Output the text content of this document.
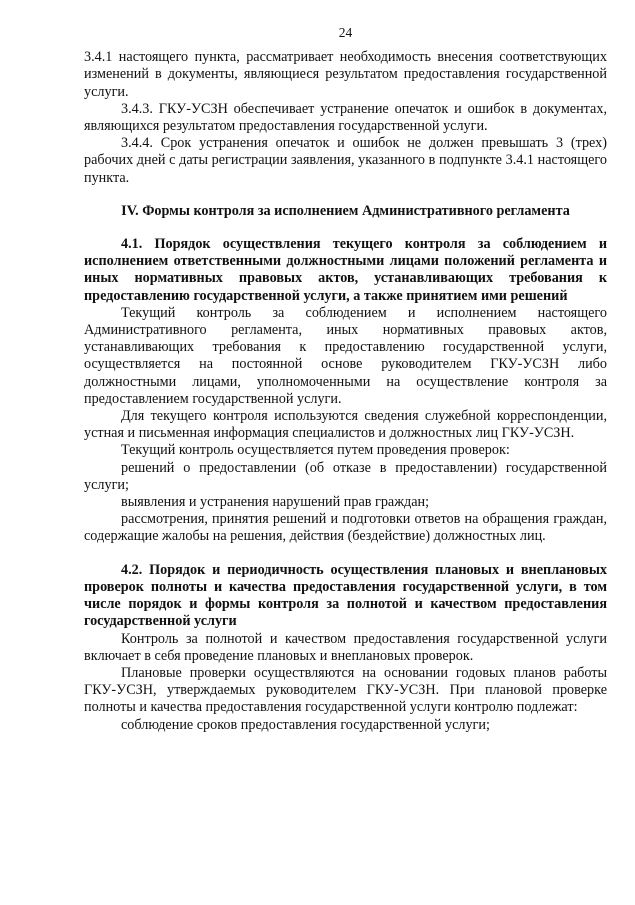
24

3.4.1 настоящего пункта, рассматривает необходимость внесения соответствующих изменений в документы, являющиеся результатом предоставления государственной услуги.

3.4.3. ГКУ-УСЗН обеспечивает устранение опечаток и ошибок в документах, являющихся результатом предоставления государственной услуги.

3.4.4. Срок устранения опечаток и ошибок не должен превышать 3 (трех) рабочих дней с даты регистрации заявления, указанного в подпункте 3.4.1 настоящего пункта.

IV. Формы контроля за исполнением Административного регламента

4.1. Порядок осуществления текущего контроля за соблюдением и исполнением ответственными должностными лицами положений регламента и иных нормативных правовых актов, устанавливающих требования к предоставлению государственной услуги, а также принятием ими решений

Текущий контроль за соблюдением и исполнением настоящего Административного регламента, иных нормативных правовых актов, устанавливающих требования к предоставлению государственной услуги, осуществляется на постоянной основе руководителем ГКУ-УСЗН либо должностными лицами, уполномоченными на осуществление контроля за предоставлением государственной услуги.

Для текущего контроля используются сведения служебной корреспонденции, устная и письменная информация специалистов и должностных лиц ГКУ-УСЗН.

Текущий контроль осуществляется путем проведения проверок:

решений о предоставлении (об отказе в предоставлении) государственной услуги;

выявления и устранения нарушений прав граждан;

рассмотрения, принятия решений и подготовки ответов на обращения граждан, содержащие жалобы на решения, действия (бездействие) должностных лиц.

4.2. Порядок и периодичность осуществления плановых и внеплановых проверок полноты и качества предоставления государственной услуги, в том числе порядок и формы контроля за полнотой и качеством предоставления государственной услуги

Контроль за полнотой и качеством предоставления государственной услуги включает в себя проведение плановых и внеплановых проверок.

Плановые проверки осуществляются на основании годовых планов работы ГКУ-УСЗН, утверждаемых руководителем ГКУ-УСЗН. При плановой проверке полноты и качества предоставления государственной услуги контролю подлежат:

соблюдение сроков предоставления государственной услуги;
